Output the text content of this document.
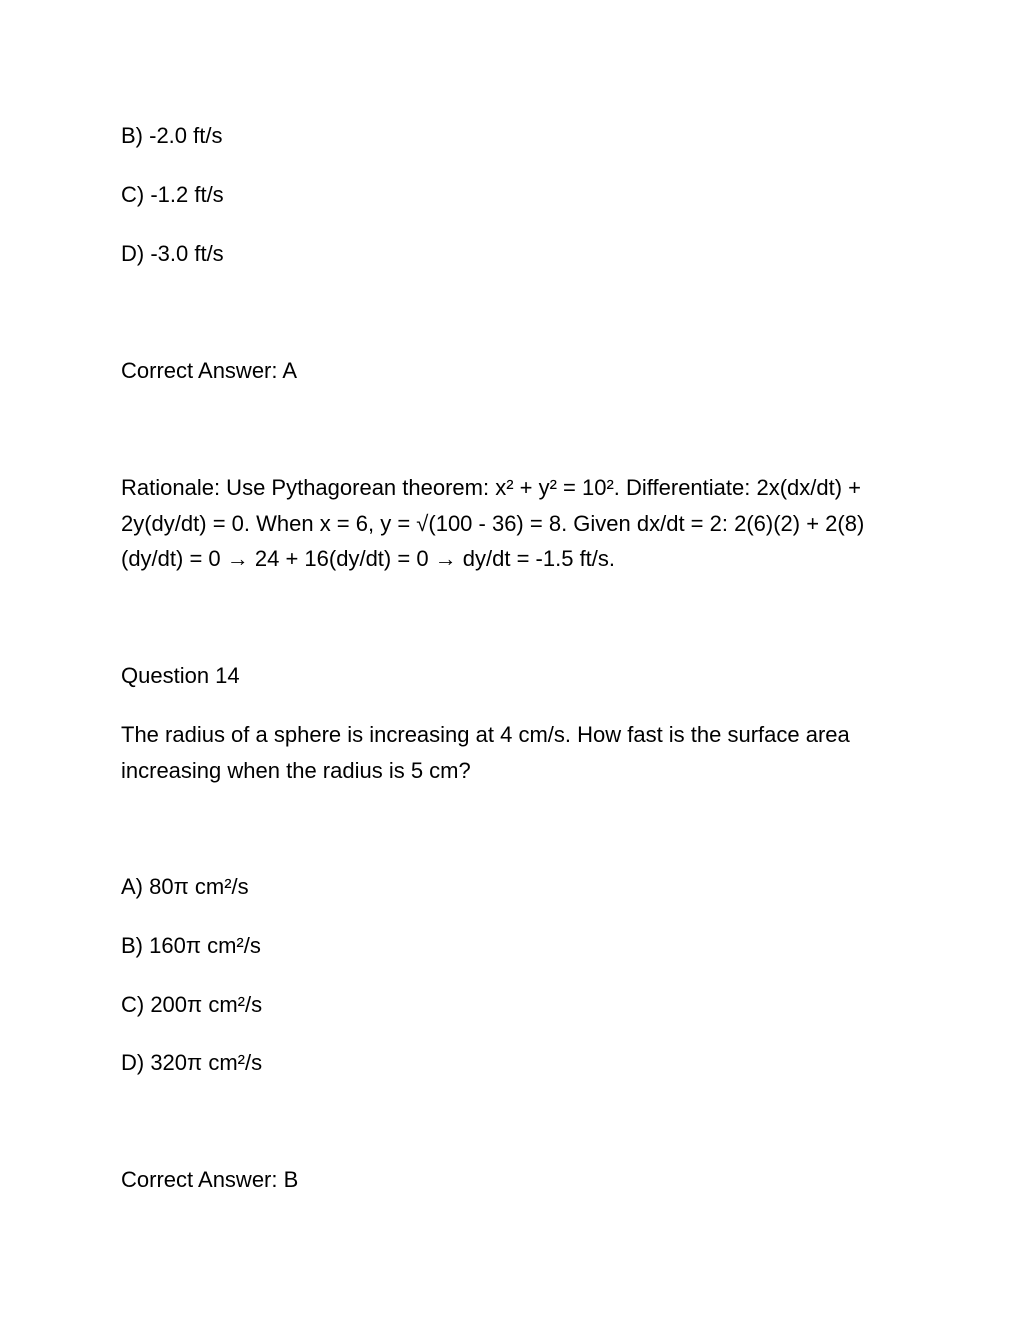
B) -2.0 ft/s

C) -1.2 ft/s

D) -3.0 ft/s

Correct Answer: A

Rationale: Use Pythagorean theorem: x² + y² = 10². Differentiate: 2x(dx/dt) + 2y(dy/dt) = 0. When x = 6, y = √(100 - 36) = 8. Given dx/dt = 2: 2(6)(2) + 2(8)(dy/dt) = 0 → 24 + 16(dy/dt) = 0 → dy/dt = -1.5 ft/s.

Question 14

The radius of a sphere is increasing at 4 cm/s. How fast is the surface area increasing when the radius is 5 cm?

A) 80π cm²/s

B) 160π cm²/s

C) 200π cm²/s

D) 320π cm²/s

Correct Answer: B
